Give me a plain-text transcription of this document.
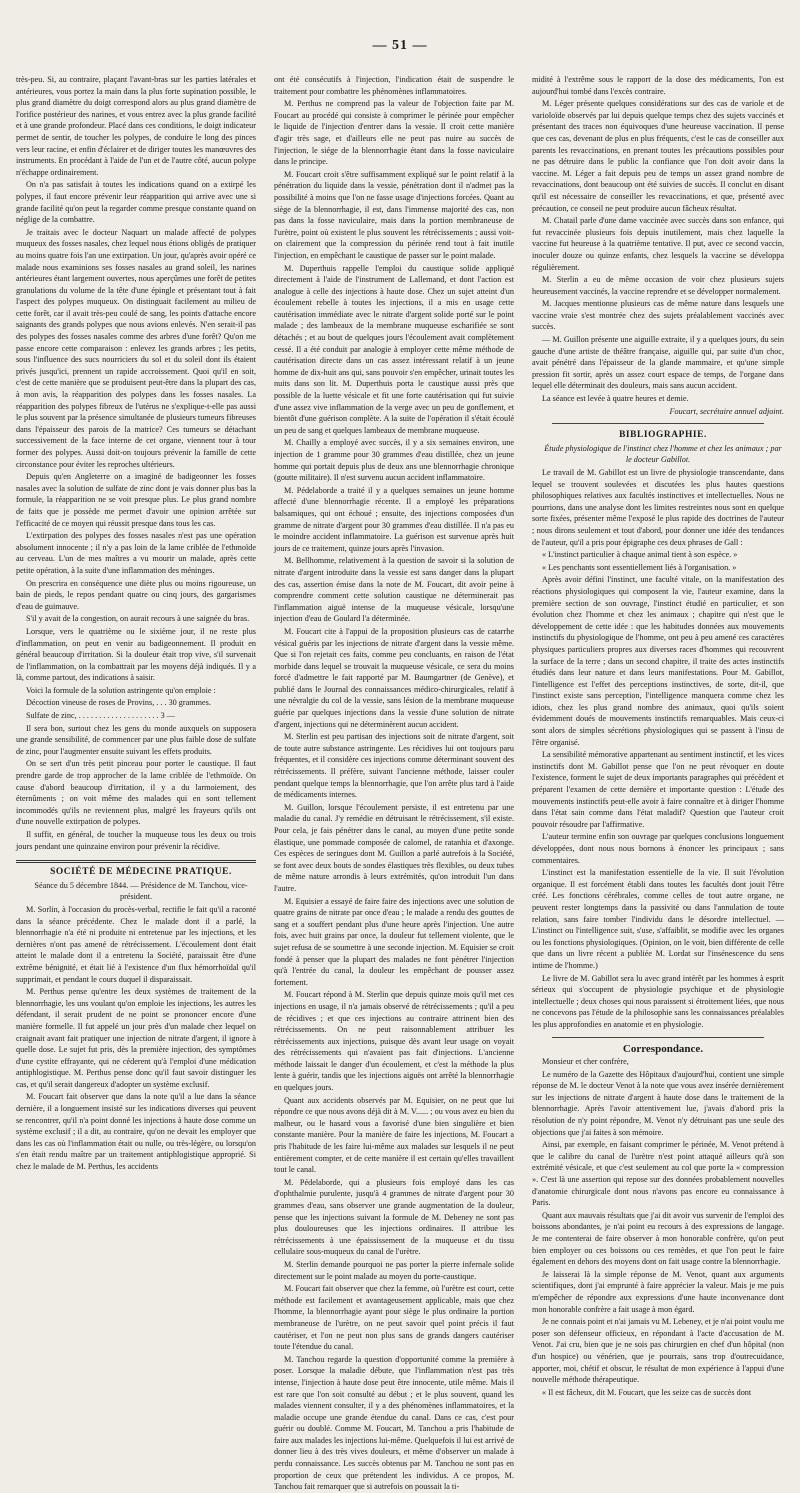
— 51 —

très-peu. Si, au contraire, plaçant l'avant-bras sur les parties latérales et antérieures, vous portez la main dans la plus forte supination possible, le plus grand diamètre du doigt correspond alors au plus grand diamètre de l'orifice postérieur des narines, et vous entrez avec la plus grande facilité et à une grande profondeur. Placé dans ces conditions, le doigt indicateur permet de sentir, de toucher les polypes, de conduire le long des pinces vers leur racine, et enfin d'éclairer et de diriger toutes les manœuvres des instruments. En procédant à l'aide de l'un et de l'autre côté, aucun polype n'échappe ordinairement.

On n'a pas satisfait à toutes les indications quand on a extirpé les polypes, il faut encore prévenir leur réapparition qui arrive avec une si grande facilité qu'on peut la regarder comme presque constante quand on néglige de la combattre.

Je traitais avec le docteur Naquart un malade affecté de polypes muqueux des fosses nasales, chez lequel nous étions obligés de pratiquer au moins quatre fois l'an une extirpation. Un jour, qu'après avoir opéré ce malade nous examinions ses fosses nasales au grand soleil, les narines antérieures étant largement ouvertes, nous aperçûmes une forêt de petites granulations du volume de la tête d'une épingle et présentant tout à fait l'aspect des polypes muqueux. On distinguait facilement au milieu de cette forêt, car il avait très-peu coulé de sang, les points d'attache encore saignants des grands polypes que nous avions enlevés. N'en serait-il pas des polypes des fosses nasales comme des arbres d'une forêt? Qu'on me passe encore cette comparaison : enlevez les grands arbres ; les petits, sous l'influence des sucs nourriciers du sol et du soleil dont ils étaient privés jusqu'ici, prennent un rapide accroissement. Quoi qu'il en soit, c'est de cette manière que se produisent peut-être dans la plupart des cas, à mon avis, la réapparition des polypes dans les fosses nasales. La réapparition des polypes fibreux de l'utérus ne s'explique-t-elle pas aussi le plus souvent par la présence simultanée de plusieurs tumeurs fibreuses dans l'épaisseur des parois de la matrice? Ces tumeurs se détachant successivement de la face interne de cet organe, viennent tour à tour former des polypes. Aussi doit-on toujours prévenir la famille de cette circonstance pour éviter les reproches ultérieurs.

Depuis qu'en Angleterre on a imaginé de badigeonner les fosses nasales avec la solution de sulfate de zinc dont je vais donner plus bas la formule, la réapparition ne se voit presque plus. Le plus grand nombre de faits que je possède me permet d'avoir une opinion arrêtée sur l'efficacité de ce moyen qui réussit presque dans tous les cas.

L'extirpation des polypes des fosses nasales n'est pas une opération absolument innocente ; il n'y a pas loin de la lame criblée de l'ethmoïde au cerveau. L'un de mes maîtres a vu mourir un malade, après cette petite opération, à la suite d'une inflammation des méninges.

On prescrira en conséquence une diète plus ou moins rigoureuse, un bain de pieds, le repos pendant quatre ou cinq jours, des gargarismes d'eau de guimauve.

S'il y avait de la congestion, on aurait recours à une saignée du bras.

Lorsque, vers le quatrième ou le sixième jour, il ne reste plus d'inflammation, on peut en venir au badigeonnement. Il produit en général beaucoup d'irritation. Si la douleur était trop vive, s'il survenait de l'inflammation, on la combattrait par les moyens déjà indiqués. Il y a là, comme partout, des indications à saisir.

Voici la formule de la solution astringente qu'on emploie :

Décoction vineuse de roses de Provins, . . . 30 grammes.

Sulfate de zinc, . . . . . . . . . . . . . . . . . . . . 3 —

Il sera bon, surtout chez les gens du monde auxquels on supposera une grande sensibilité, de commencer par une plus faible dose de sulfate de zinc, pour l'augmenter ensuite suivant les effets produits.

On se sert d'un très petit pinceau pour porter le caustique. Il faut prendre garde de trop approcher de la lame criblée de l'ethmoïde. On cause d'abord beaucoup d'irritation, il y a du larmoiement, des éternûments ; on voit même des malades qui en sont tellement incommodés qu'ils ne reviennent plus, malgré les frayeurs qu'ils ont d'une nouvelle extirpation de polypes.

Il suffit, en général, de toucher la muqueuse tous les deux ou trois jours pendant une quinzaine environ pour prévenir la récidive.

SOCIÉTÉ DE MÉDECINE PRATIQUE.

Séance du 5 décembre 1844. — Présidence de M. Tanchou, vice-président.

M. Sorlin, à l'occasion du procès-verbal, rectifie le fait qu'il a raconté dans la séance précédente. Chez le malade dont il a parlé, la blennorrhagie n'a été ni produite ni entretenue par les injections, et les dernières n'ont pas amené de rétrécissement. L'écoulement dont était atteint le malade dont il a entretenu la Société, paraissait être d'une extrême bénignité, et était lié à l'existence d'un flux hémorrhoïdal qu'il supprimait, et pendant le cours duquel il disparaissait.

M. Perthus pense qu'entre les deux systèmes de traitement de la blennorrhagie, les uns voulant qu'on emploie les injections, les autres les défendant, il serait prudent de ne point se prononcer encore d'une manière formelle. Il fut appelé un jour près d'un malade chez lequel on craignait avant fait pratiquer une injection de nitrate d'argent, il ignore à quelle dose. Le sujet fut pris, dès la première injection, des symptômes d'une cystite effrayante, qui ne céderent qu'à l'emploi d'une médication antiphlogistique. M. Perthus pense donc qu'il faut savoir distinguer les cas, et qu'il serait dangereux d'adopter un système exclusif.

M. Foucart fait observer que dans la note qu'il a lue dans la séance dernière, il a longuement insisté sur les indications diverses qui peuvent se rencontrer, qu'il n'a point donné les injections à haute dose comme un système exclusif ; il a dit, au contraire, qu'on ne devait les employer que dans les cas où l'inflammation était ou nulle, ou très-légère, ou lorsqu'on s'en était rendu maître par un traitement antiphlogistique approprié. Si chez le malade de M. Perthus, les accidents

ont été consécutifs à l'injection, l'indication était de suspendre le traitement pour combattre les phénomènes inflammatoires.

M. Perthus ne comprend pas la valeur de l'objection faite par M. Foucart au procédé qui consiste à comprimer le périnée pour empêcher le liquide de l'injection d'entrer dans la vessie. Il croit cette manière d'agir très sage, et d'ailleurs elle ne peut pas nuire au succès de l'injection, le siége de la blennorrhagie étant dans la fosse naviculaire dans le principe.

M. Foucart croit s'être suffisamment expliqué sur le point relatif à la pénétration du liquide dans la vessie, pénétration dont il n'admet pas la possibilité à moins que l'on ne fasse usage d'injections forcées. Quant au siège de la blennorrhagie, il est, dans l'immense majorité des cas, non pas dans la fosse naviculaire, mais dans la portion membraneuse de l'urètre, point où existent le plus souvent les rétrécissements ; aussi voit-on clairement que la compression du périnée rend tout à fait inutile l'injection, en empêchant le caustique de passer sur le point malade.

M. Duperthuis rappelle l'emploi du caustique solide appliqué directement à l'aide de l'instrument de Lallemand, et dont l'action est analogue à celle des injections à haute dose. Chez un sujet atteint d'un écoulement rebelle à toutes les injections, il a mis en usage cette cautérisation immédiate avec le nitrate d'argent solide porté sur le point malade ; des lambeaux de la membrane muqueuse escharifiée se sont détachés ; et au bout de quelques jours l'écoulement avait complètement cessé. Il a été conduit par analogie à employer cette même méthode de cautérisation directe dans un cas assez intéressant relatif à un jeune homme de dix-huit ans qui, sans pouvoir s'en empêcher, urinait toutes les nuits dans son lit. M. Duperthuis porta le caustique aussi près que possible de la luette vésicale et fit une forte cautérisation qui fut suivie d'une assez vive inflammation de la verge avec un peu de gonflement, et bientôt d'une guérison complète. A la suite de l'opération il s'était écoulé un peu de sang et quelques lambeaux de membrane muqueuse.

M. Chailly a employé avec succès, il y a six semaines environ, une injection de 1 gramme pour 30 grammes d'eau distillée, chez un jeune homme qui portait depuis plus de deux ans une blennorrhagie chronique (goutte militaire). Il n'est survenu aucun accident inflammatoire.

M. Pédelaborde a traité il y a quelques semaines un jeune homme affecté d'une blennorrhagie récente. Il a employé les préparations balsamiques, qui ont échoué ; ensuite, des injections composées d'un gramme de nitrate d'argent pour 30 grammes d'eau distillée. Il n'a pas eu le moindre accident inflammatoire. La guérison est survenue après huit jours de ce traitement, quinze jours après l'invasion.

M. Bellhomme, relativement à la question de savoir si la solution de nitrate d'argent introduite dans la vessie est sans danger dans la plupart des cas, assertion émise dans la note de M. Foucart, dit avoir peine à comprendre comment cette solution caustique ne déterminerait pas l'inflammation aiguë intense de la muqueuse vésicale, lorsqu'une injection d'eau de Goulard l'a déterminée.

M. Foucart cite à l'appui de la proposition plusieurs cas de catarrhe vésical guéris par les injections de nitrate d'argent dans la vessie même. Que si l'on rejetait ces faits, comme peu concluants, en raison de l'état morbide dans lequel se trouvait la muqueuse vésicale, ce sera du moins forcé d'admettre le fait rapporté par M. Baumgartner (de Genève), et publié dans le Journal des connaissances médico-chirurgicales, relatif à une névralgie du col de la vessie, sans lésion de la membrane muqueuse guérie par quelques injections dans la vessie d'une solution de nitrate d'argent, injections qui ne déterminèrent aucun accident.

M. Sterlin est peu partisan des injections soit de nitrate d'argent, soit de toute autre substance astringente. Les récidives lui ont toujours paru fréquentes, et il considère ces injections comme déterminant souvent des rétrécissements. Il préfère, suivant l'ancienne méthode, laisser couler pendant quelque temps la blennorrhagie, que l'on arrête plus tard à l'aide de médicaments internes.

M. Guillon, lorsque l'écoulement persiste, il est entretenu par une maladie du canal. J'y remédie en détruisant le rétrécissement, s'il existe. Pour cela, je fais pénétrer dans le canal, au moyen d'une petite sonde élastique, une pommade composée de calomel, de ratanhia et d'axonge. Ces espèces de seringues dont M. Guillon a parlé autrefois à la Société, se font avec deux bouts de sondes élastiques très flexibles, ou deux tubes de même nature arrondis à leurs extrémités, qu'on introduit l'un dans l'autre.

M. Equisier a essayé de faire faire des injections avec une solution de quatre grains de nitrate par once d'eau ; le malade a rendu des gouttes de sang et a souffert pendant plus d'une heure après l'injection. Une autre fois, avec huit grains par once, la douleur fut tellement violente, que le sujet refusa de se soumettre à une seconde injection. M. Equisier se croit fondé à penser que la plupart des malades ne font pénétrer l'injection qu'à l'entrée du canal, la douleur les empêchant de pousser assez fortement.

M. Foucart répond à M. Sterlin que depuis quinze mois qu'il met ces injections en usage, il n'a jamais observé de rétrécissements ; qu'il a peu de récidives ; et que ces injections au contraire attrinent bien des rétrécissements. On ne peut raisonnablement attribuer les rétrécissements aux injections, puisque dès avant leur usage on voyait des rétrécissements qui n'avaient pas fait d'injections. L'ancienne méthode laissait le danger d'un écoulement, et c'est la méthode la plus lente à guérir, tandis que les injections aiguës ont arrêté la blennorrhagie en quelques jours.

Quant aux accidents observés par M. Equisier, on ne peut que lui répondre ce que nous avons déjà dit à M. V...... ; ou vous avez eu bien du malheur, ou le hasard vous a favorisé d'une bien singulière et bien constante manière. Pour la manière de faire les injections, M. Foucart a pris l'habitude de les faire lui-même aux malades sur lesquels il ne peut entièrement compter, et de cette manière il est certain qu'elles travaillent tout le canal.

M. Pédelaborde, qui a plusieurs fois employé dans les cas d'ophthalmie purulente, jusqu'à 4 grammes de nitrate d'argent pour 30 grammes d'eau, sans observer une grande augmentation de la douleur, pense que les injections suivant la formule de M. Debeney ne sont pas plus douloureuses que les injections ordinaires. Il attribue les rétrécissements à une épaississement de la muqueuse et du tissu cellulaire sous-muqueux du canal de l'urètre.

M. Sterlin demande pourquoi ne pas porter la pierre infernale solide directement sur le point malade au moyen du porte-caustique.

M. Foucart fait observer que chez la femme, où l'urètre est court, cette méthode est facilement et avantageusement applicable, mais que chez l'homme, la blennorrhagie ayant pour siège le plus ordinaire la portion membraneuse de l'urètre, on ne peut savoir quel point précis il faut cautériser, et l'on ne peut non plus sans de grands dangers cautériser toute l'étendue du canal.

M. Tanchou regarde la question d'opportunité comme la première à poser. Lorsque la maladie débute, que l'inflammation n'est pas très intense, l'injection à haute dose peut être innocente, utile même. Mais il est rare que l'on soit consulté au début ; et le plus souvent, quand les malades viennent consulter, il y a des phénomènes inflammatoires, et la maladie occupe une grande étendue du canal. Dans ce cas, c'est pour guérir ou doublé. Comme M. Foucart, M. Tanchou a pris l'habitude de faire aux malades les injections lui-même. Quelquefois il lui est arrivé de donner lieu à des très vives douleurs, et même d'observer un malade à perdu connaissance. Les succès obtenus par M. Tanchou ne sont pas en proportion de ceux que prétendent les individus. A ce propos, M. Tanchou fait remarquer que si autrefois on poussait la ti-

midité à l'extrême sous le rapport de la dose des médicaments, l'on est aujourd'hui tombé dans l'excès contraire.

M. Léger présente quelques considérations sur des cas de variole et de varioloïde observés par lui depuis quelque temps chez des sujets vaccinés et présentant des traces non équivoques d'une heureuse vaccination. Il pense que ces cas, devenant de plus en plus fréquents, c'est le cas de conseiller aux parents les revaccinations, en prenant toutes les précautions possibles pour ne pas détruire dans le public la confiance que l'on doit avoir dans la vaccine. M. Léger a fait depuis peu de temps un assez grand nombre de revaccinations, dont beaucoup ont été suivies de succès. Il conclut en disant qu'il est nécessaire de conseiller les revaccinations, et que, présenté avec précaution, ce conseil ne peut produire aucun fâcheux résultat.

M. Chatail parle d'une dame vaccinée avec succès dans son enfance, qui fut revaccinée plusieurs fois depuis inutilement, mais chez laquelle la vaccine fut heureuse à la quatrième tentative. Il put, avec ce second vaccin, inoculer douze ou quinze enfants, chez lesquels la vaccine se développa régulièrement.

M. Sterlin a eu de même occasion de voir chez plusieurs sujets heureusement vaccinés, la vaccine reprendre et se développer normalement.

M. Jacques mentionne plusieurs cas de même nature dans lesquels une vaccine vraie s'est montrée chez des sujets préalablement vaccinés avec succès.

— M. Guillon présente une aiguille extraite, il y a quelques jours, du sein gauche d'une artiste de théâtre française, aiguille qui, par suite d'un choc, avait pénétré dans l'épaisseur de la glande mammaire, et qu'une simple pression fit sortir, après un assez court espace de temps, de l'organe dans lequel elle déterminait des douleurs, mais sans aucun accident.

La séance est levée à quatre heures et demie.

Foucart, secrétaire annuel adjoint.

BIBLIOGRAPHIE.

Étude physiologique de l'instinct chez l'homme et chez les animaux ; par le docteur Gabillot.

Le travail de M. Gabillot est un livre de physiologie transcendante, dans lequel se trouvent soulevées et discutées les plus hautes questions philosophiques relatives aux facultés instinctives et intellectuelles. Nous ne pourrions, dans une analyse dont les limites restreintes nous sont en quelque sorte fixées, présenter même l'exposé le plus rapide des doctrines de l'auteur ; nous dirons seulement et tout d'abord, pour donner une idée des tendances de l'auteur, qu'il a pris pour épigraphe ces deux phrases de Gall :

« L'instinct particulier à chaque animal tient à son espèce. »

« Les penchants sont essentiellement liés à l'organisation. »

Après avoir défini l'instinct, une faculté vitale, on la manifestation des réactions physiologiques qui composent la vie, l'auteur examine, dans la première section de son ouvrage, l'instinct étudié en particulier, et son évolution chez l'homme et chez les animaux ; chapitre qui n'est que le développement de cette idée : que les habitudes données aux mouvements instinctifs du physiologique de l'homme, ont peu à peu amené ces caractères physiques particuliers propres aux diverses races d'hommes qui recouvrent la surface de la terre ; dans un second chapitre, il traite des actes instinctifs étudiés dans leur nature et dans leurs manifestations. Pour M. Gabillot, l'intelligence est l'effet des perceptions instinctives, de sorte, dit-il, que l'instinct existe sans perception, l'intelligence manquera comme chez les idiots, chez les plus grand nombre des animaux, quoi qu'ils soient évidemment doués de mouvements instinctifs remarquables. Mais ceux-ci sont alors de simples sécrétions physiologiques qui se passent à l'insu de l'être organisé.

La sensibilité mémorative appartenant au sentiment instinctif, et les vices instinctifs dont M. Gabillot pense que l'on ne peut révoquer en doute l'existence, forment le sujet de deux importants paragraphes qui précèdent et préparent l'examen de cette dernière et importante question : L'étude des mouvements instinctifs peut-elle avoir à faire connaître et à diriger l'homme dans l'état sain comme dans l'état maladif? Question que l'auteur croit pouvoir résoudre par l'affirmative.

L'auteur termine enfin son ouvrage par quelques conclusions longuement développées, dont nous nous bornons à énoncer les principaux ; sans commentaires.

L'instinct est la manifestation essentielle de la vie. Il suit l'évolution organique. Il est forcément établi dans toutes les facultés dont jouit l'être créé. Les fonctions cérébrales, comme celles de tout autre organe, ne peuvent rester longtemps dans la passivité ou dans l'annulation de toute relation, sans faire tomber l'individu dans le désordre intellectuel. — L'instinct ou l'intelligence suit, s'use, s'affaiblit, se modifie avec les organes ou les fonctions physiologiques. (Opinion, on le voit, bien différente de celle que dans un livre récent a publiée M. Lordat sur l'insénescence du sens intime de l'homme.)

Le livre de M. Gabillot sera lu avec grand intérêt par les hommes à esprit sérieux qui s'occupent de physiologie psychique et de physiologie intellectuelle ; deux choses qui nous paraissent si étroitement liées, que nous ne concevons pas l'étude de la philosophie sans les connaissances préalables les plus approfondies en anatomie et en physiologie.

Correspondance.

Monsieur et cher confrère,

Le numéro de la Gazette des Hôpitaux d'aujourd'hui, contient une simple réponse de M. le docteur Venot à la note que vous avez insérée dernièrement sur les injections de nitrate d'argent à haute dose dans le traitement de la blennorrhagie. Après l'avoir attentivement lue, j'avais d'abord pris la résolution de n'y point répondre, M. Venot n'y détruisant pas une seule des objections que j'ai faites à son mémoire.

Ainsi, par exemple, en faisant comprimer le périnée, M. Venot prétend à que le calibre du canal de l'urètre n'est point attaqué ailleurs qu'à son extrémité vésicale, et que c'est seulement au col que porte la « compression ». C'est là une assertion qui repose sur des données probablement nouvelles d'anatomie chirurgicale dont nous n'avons pas encore eu connaissance à Paris.

Quant aux mauvais résultats que j'ai dit avoir vus survenir de l'emploi des boissons abondantes, je n'ai point eu recours à des expressions de langage. Je me contenterai de faire observer à mon honorable confrère, qu'on peut bien employer ou ces boissons ou ces remèdes, et que l'on peut le faire également en dehors des moyens dont on fait usage contre la blennorrhagie.

Je laisserai là la simple réponse de M. Venot, quant aux arguments scientifiques, dont j'ai emprunté à faire apprécier la valeur. Mais je me puis m'empêcher de répondre aux expressions d'une haute inconvenance dont mon honorable confrère a fait usage à mon égard.

Je ne connais point et n'ai jamais vu M. Lebeney, et je n'ai point voulu me poser son défenseur officieux, en répondant à l'acte d'accusation de M. Venot. J'ai cru, bien que je ne sois pas chirurgien en chef d'un hôpital (non d'un hospice) ou vénérien, que je pourrais, sans trop d'outrecuidance, apporter, moi, chétif et obscur, le résultat de mon expérience à l'appui d'une nouvelle méthode thérapeutique.

« Il est fâcheux, dit M. Foucart, que les seize cas de succès dont
